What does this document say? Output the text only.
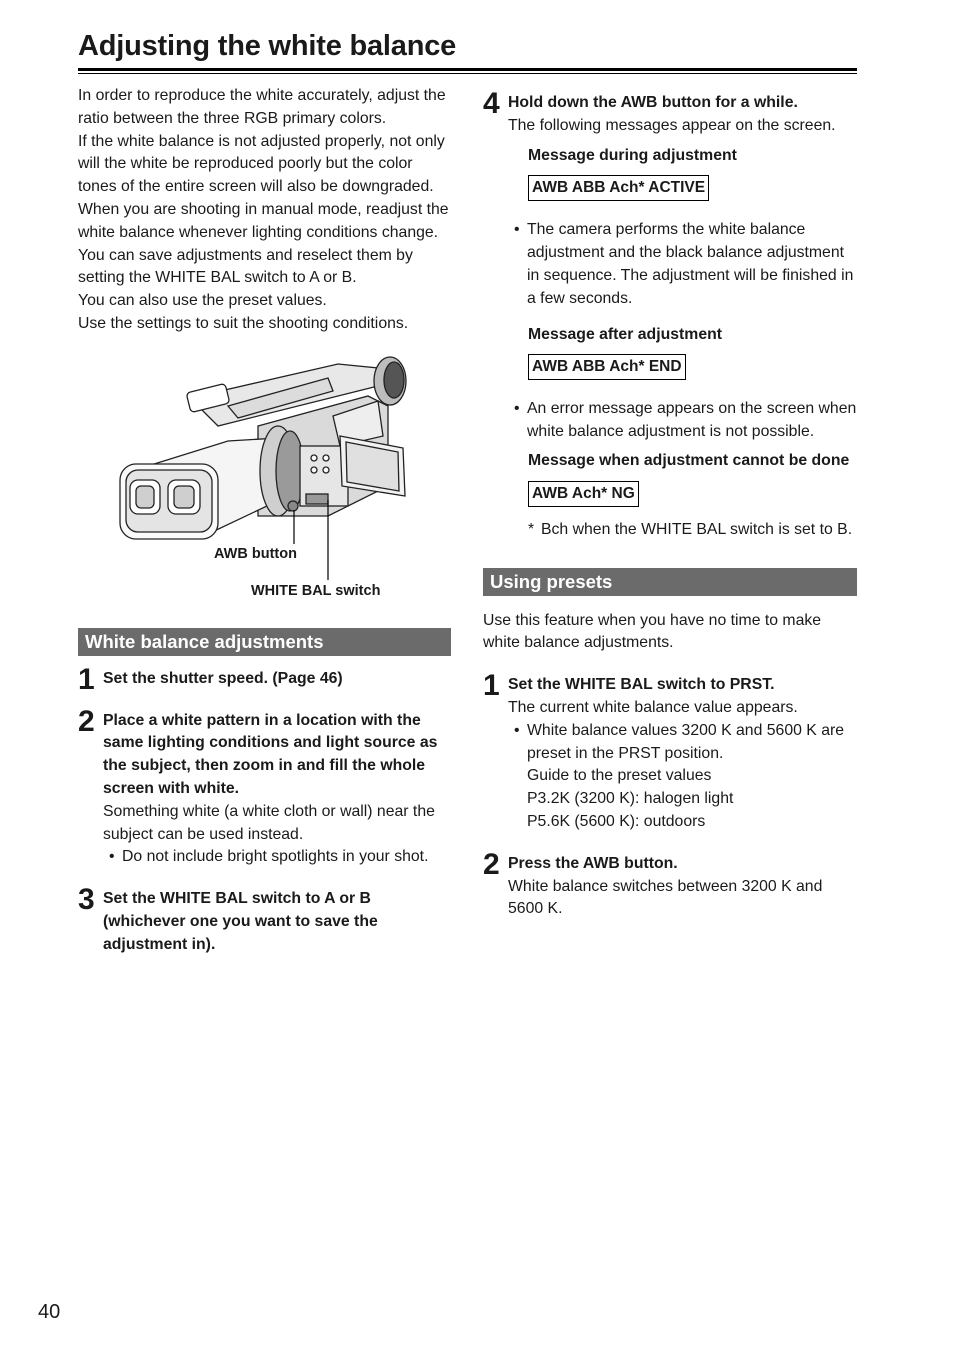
Adjusting the white balance

In order to reproduce the white accurately, adjust the ratio between the three RGB primary colors.

If the white balance is not adjusted properly, not only will the white be reproduced poorly but the color tones of the entire screen will also be downgraded. When you are shooting in manual mode, readjust the white balance whenever lighting conditions change.

You can save adjustments and reselect them by setting the WHITE BAL switch to A or B.

You can also use the preset values.

Use the settings to suit the shooting conditions.

AWB button
WHITE BAL switch
White balance adjustments
1 Set the shutter speed. (Page 46)

2 Place a white pattern in a location with the same lighting conditions and light source as the subject, then zoom in and fill the whole screen with white.

Something white (a white cloth or wall) near the subject can be used instead.

• Do not include bright spotlights in your shot.

3 Set the WHITE BAL switch to A or B (whichever one you want to save the adjustment in).

4 Hold down the AWB button for a while.

The following messages appear on the screen.

Message during adjustment

AWB ABB Ach* ACTIVE
• The camera performs the white balance adjustment and the black balance adjustment in sequence. The adjustment will be finished in a few seconds.

Message after adjustment

AWB ABB Ach* END
• An error message appears on the screen when white balance adjustment is not possible.

Message when adjustment cannot be done

AWB Ach* NG
* Bch when the WHITE BAL switch is set to B.

Using presets

Use this feature when you have no time to make white balance adjustments.

1 Set the WHITE BAL switch to PRST.

The current white balance value appears.

• White balance values 3200 K and 5600 K are preset in the PRST position.

Guide to the preset values

P3.2K (3200 K): halogen light

P5.6K (5600 K): outdoors

2 Press the AWB button.

White balance switches between 3200 K and 5600 K.

40
